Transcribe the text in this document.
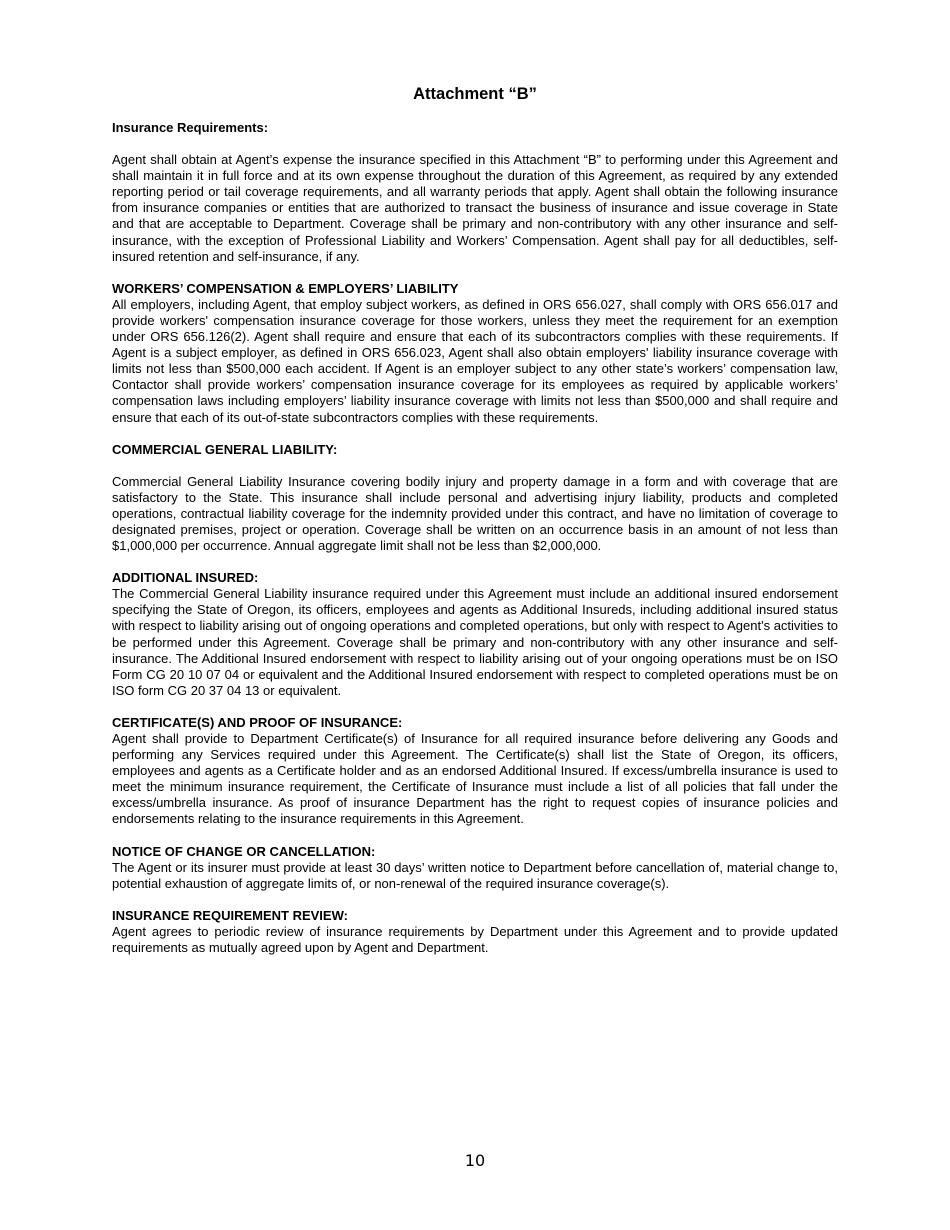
Attachment “B”

Insurance Requirements:

Agent shall obtain at Agent’s expense the insurance specified in this Attachment “B” to performing under this Agreement and shall maintain it in full force and at its own expense throughout the duration of this Agreement, as required by any extended reporting period or tail coverage requirements, and all warranty periods that apply. Agent shall obtain the following insurance from insurance companies or entities that are authorized to transact the business of insurance and issue coverage in State and that are acceptable to Department. Coverage shall be primary and non-contributory with any other insurance and self-insurance, with the exception of Professional Liability and Workers’ Compensation. Agent shall pay for all deductibles, self-insured retention and self-insurance, if any.

WORKERS’ COMPENSATION & EMPLOYERS’ LIABILITY

All employers, including Agent, that employ subject workers, as defined in ORS 656.027, shall comply with ORS 656.017 and provide workers' compensation insurance coverage for those workers, unless they meet the requirement for an exemption under ORS 656.126(2). Agent shall require and ensure that each of its subcontractors complies with these requirements. If Agent is a subject employer, as defined in ORS 656.023, Agent shall also obtain employers' liability insurance coverage with limits not less than $500,000 each accident. If Agent is an employer subject to any other state’s workers’ compensation law, Contactor shall provide workers’ compensation insurance coverage for its employees as required by applicable workers’ compensation laws including employers’ liability insurance coverage with limits not less than $500,000 and shall require and ensure that each of its out-of-state subcontractors complies with these requirements.

COMMERCIAL GENERAL LIABILITY:

Commercial General Liability Insurance covering bodily injury and property damage in a form and with coverage that are satisfactory to the State. This insurance shall include personal and advertising injury liability, products and completed operations, contractual liability coverage for the indemnity provided under this contract, and have no limitation of coverage to designated premises, project or operation. Coverage shall be written on an occurrence basis in an amount of not less than $1,000,000 per occurrence. Annual aggregate limit shall not be less than $2,000,000.

ADDITIONAL INSURED:

The Commercial General Liability insurance required under this Agreement must include an additional insured endorsement specifying the State of Oregon, its officers, employees and agents as Additional Insureds, including additional insured status with respect to liability arising out of ongoing operations and completed operations, but only with respect to Agent's activities to be performed under this Agreement. Coverage shall be primary and non-contributory with any other insurance and self-insurance. The Additional Insured endorsement with respect to liability arising out of your ongoing operations must be on ISO Form CG 20 10 07 04 or equivalent and the Additional Insured endorsement with respect to completed operations must be on ISO form CG 20 37 04 13 or equivalent.

CERTIFICATE(S) AND PROOF OF INSURANCE:

Agent shall provide to Department Certificate(s) of Insurance for all required insurance before delivering any Goods and performing any Services required under this Agreement. The Certificate(s) shall list the State of Oregon, its officers, employees and agents as a Certificate holder and as an endorsed Additional Insured. If excess/umbrella insurance is used to meet the minimum insurance requirement, the Certificate of Insurance must include a list of all policies that fall under the excess/umbrella insurance. As proof of insurance Department has the right to request copies of insurance policies and endorsements relating to the insurance requirements in this Agreement.

NOTICE OF CHANGE OR CANCELLATION:

The Agent or its insurer must provide at least 30 days’ written notice to Department before cancellation of, material change to, potential exhaustion of aggregate limits of, or non-renewal of the required insurance coverage(s).

INSURANCE REQUIREMENT REVIEW:

Agent agrees to periodic review of insurance requirements by Department under this Agreement and to provide updated requirements as mutually agreed upon by Agent and Department.

10
